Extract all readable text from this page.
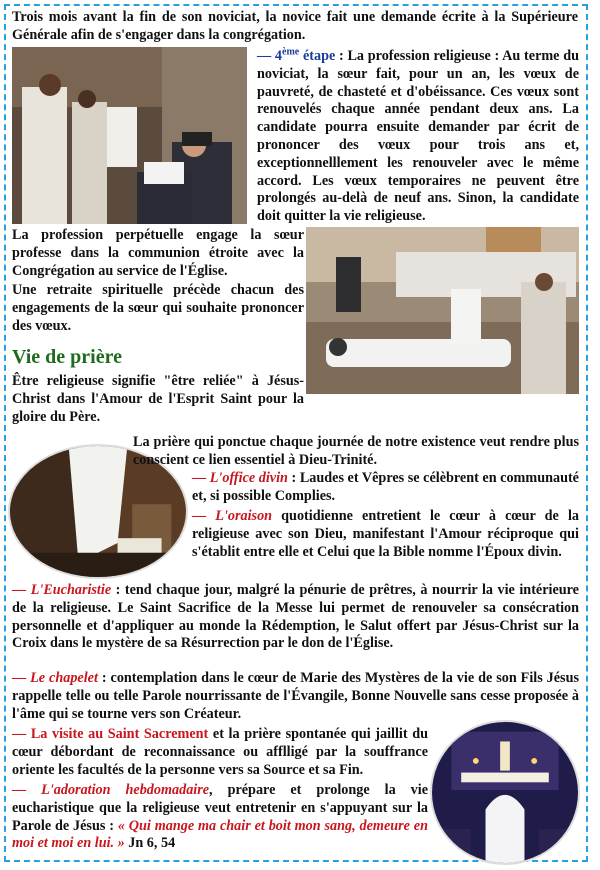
Trois mois avant la fin de son noviciat, la novice fait une demande écrite à la Supérieure Générale afin de s'engager dans la congrégation.

— 4ème étape : La profession religieuse : Au terme du noviciat, la sœur fait, pour un an, les vœux de pauvreté, de chasteté et d'obéissance. Ces vœux sont renouvelés chaque année pendant deux ans. La candidate pourra ensuite demander par écrit de prononcer des vœux pour trois ans et, exceptionnelllement les renouveler avec le même accord. Les vœux temporaires ne peuvent être prolongés au-delà de neuf ans. Sinon, la candidate doit quitter la vie religieuse.

La profession perpétuelle engage la sœur professe dans la communion étroite avec la Congrégation au service de l'Église.

Une retraite spirituelle précède chacun des engagements de la sœur qui souhaite prononcer des vœux.

Vie de prière

Être religieuse signifie "être reliée" à Jésus-Christ dans l'Amour de l'Esprit Saint pour la gloire du Père.

La prière qui ponctue chaque journée de notre existence veut rendre plus conscient ce lien essentiel à Dieu-Trinité.

— L'office divin : Laudes et Vêpres se célèbrent en communauté et, si possible Complies.

— L'oraison quotidienne entretient le cœur à cœur de la religieuse avec son Dieu, manifestant l'Amour réciproque qui s'établit entre elle et Celui que la Bible nomme l'Époux divin.

— L'Eucharistie : tend chaque jour, malgré la pénurie de prêtres, à nourrir la vie intérieure de la religieuse. Le Saint Sacrifice de la Messe lui permet de renouveler sa consécration personnelle et d'appliquer au monde la Rédemption, le Salut offert par Jésus-Christ sur la Croix dans le mystère de sa Résurrection par le don de l'Église.

— Le chapelet : contemplation dans le cœur de Marie des Mystères de la vie de son Fils Jésus rappelle telle ou telle Parole nourrissante de l'Évangile, Bonne Nouvelle sans cesse proposée à l'âme qui se tourne vers son Créateur.

— La visite au Saint Sacrement et la prière spontanée qui jaillit du cœur débordant de reconnaissance ou afflligé par la souffrance oriente les facultés de la personne vers sa Source et sa Fin.

— L'adoration hebdomadaire, prépare et prolonge la vie eucharistique que la religieuse veut entretenir en s'appuyant sur la Parole de Jésus : « Qui mange ma chair et boit mon sang, demeure en moi et moi en lui. » Jn 6, 54
